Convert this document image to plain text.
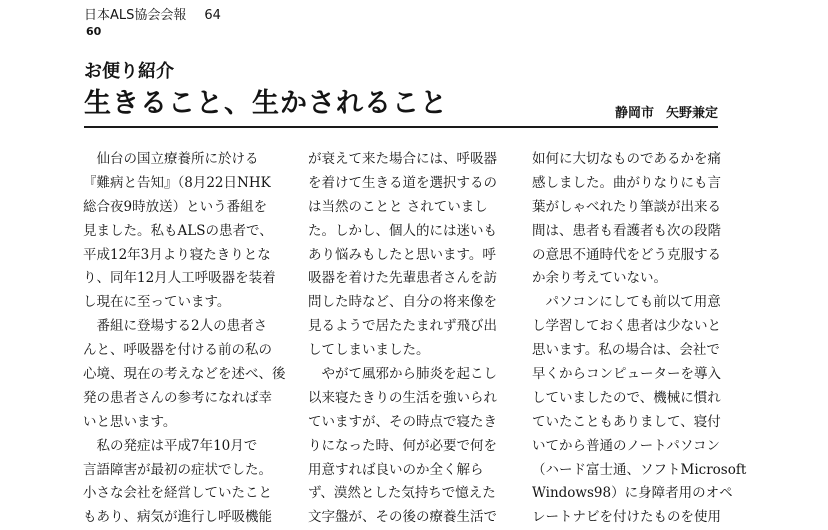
日本ALS協会会報 64
60
お便り紹介
生きること、生かされること	静岡市 矢野兼定
　仙台の国立療養所に於ける
『難病と告知』（8月22日NHK
総合夜9時放送）という番組を
見ました。私もALSの患者で、
平成12年3月より寝たきりとな
り、同年12月人工呼吸器を装着
し現在に至っています。
　番組に登場する2人の患者さ
んと、呼吸器を付ける前の私の
心境、現在の考えなどを述べ、後
発の患者さんの参考になれば幸
いと思います。
　私の発症は平成7年10月で
言語障害が最初の症状でした。
小さな会社を経営していたこと
もあり、病気が進行し呼吸機能
が衰えて来た場合には、呼吸器
を着けて生きる道を選択するの
は当然のことと されていまし
た。しかし、個人的には迷いも
あり悩みもしたと思います。呼
吸器を着けた先輩患者さんを訪
問した時など、自分の将来像を
見るようで居たたまれず飛び出
してしまいました。
　やがて風邪から肺炎を起こし
以来寝たきりの生活を強いられ
ていますが、その時点で寝たき
りになった時、何が必要で何を
用意すれば良いのか全く解ら
ず、漠然とした気持ちで憶えた
文字盤が、その後の療養生活で
如何に大切なものであるかを痛
感しました。曲がりなりにも言
葉がしゃべれたり筆談が出来る
間は、患者も看護者も次の段階
の意思不通時代をどう克服する
か余り考えていない。
　パソコンにしても前以て用意
し学習しておく患者は少ないと
思います。私の場合は、会社で
早くからコンピューターを導入
していましたので、機械に慣れ
ていたこともありまして、寝付
いてから普通のノートパソコン
（ハード富士通、ソフトMicrosoft
Windows98）に身障者用のオペ
レートナビを付けたものを使用
